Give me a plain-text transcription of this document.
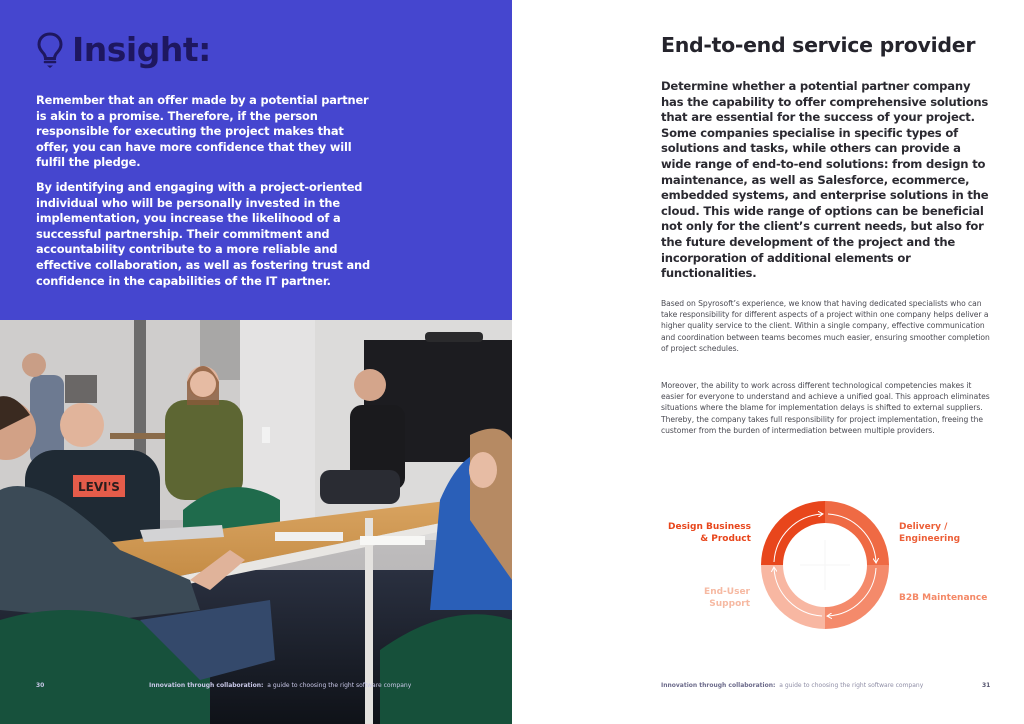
Insight:

Remember that an offer made by a potential partner is akin to a promise. Therefore, if the person responsible for executing the project makes that offer, you can have more confidence that they will fulfil the pledge.

By identifying and engaging with a project-oriented individual who will be personally invested in the implementation, you increase the likelihood of a successful partnership. Their commitment and accountability contribute to a more reliable and effective collaboration, as well as fostering trust and confidence in the capabilities of the IT partner.

LEVI'S
30	Innovation through collaboration: a guide to choosing the right software company
End-to-end service provider

Determine whether a potential partner company has the capability to offer comprehensive solutions that are essential for the success of your project. Some companies specialise in specific types of solutions and tasks, while others can provide a wide range of end-to-end solutions: from design to maintenance, as well as Salesforce, ecommerce, embedded systems, and enterprise solutions in the cloud. This wide range of options can be beneficial not only for the client’s current needs, but also for the future development of the project and the incorporation of additional elements or functionalities.

Based on Spyrosoft’s experience, we know that having dedicated specialists who can take responsibility for different aspects of a project within one company helps deliver a higher quality service to the client. Within a single company, effective communication and coordination between teams becomes much easier, ensuring smoother completion of project schedules.

Moreover, the ability to work across different technological competencies makes it easier for everyone to understand and achieve a unified goal. This approach eliminates situations where the blame for implementation delays is shifted to external suppliers. Thereby, the company takes full responsibility for project implementation, freeing the customer from the burden of intermediation between multiple providers.

Design Business
& Product
Delivery /
Engineering
B2B Maintenance
End-User
Support
Innovation through collaboration: a guide to choosing the right software company	31
